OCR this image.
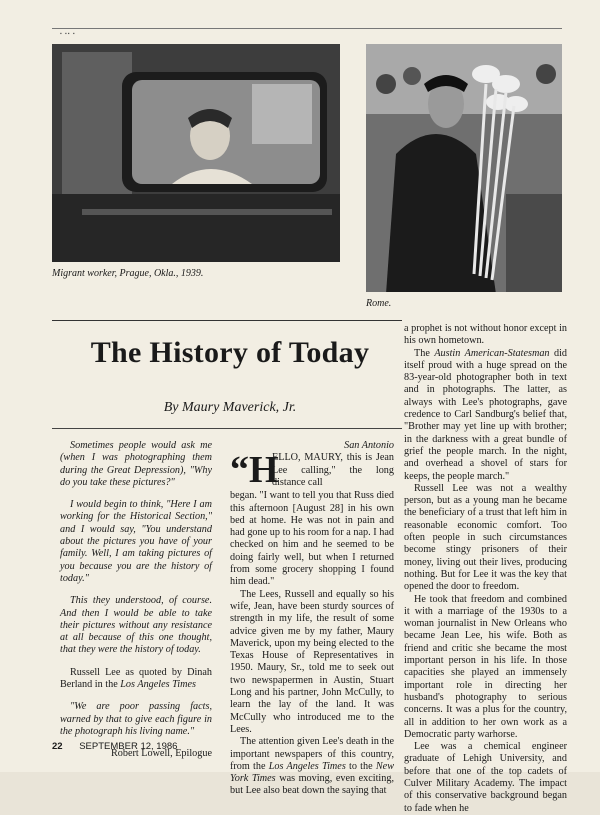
▪ ▪▪ ▪
Migrant worker, Prague, Okla., 1939.
Rome.
The History of Today
By Maury Maverick, Jr.

Sometimes people would ask me (when I was photographing them during the Great Depression), "Why do you take these pictures?"

I would begin to think, "Here I am working for the Historical Section," and I would say, "You understand about the pictures you have of your family. Well, I am taking pictures of you because you are the history of today."

This they understood, of course. And then I would be able to take their pictures without any resistance at all because of this one thought, that they were the history of today.

Russell Lee as quoted by Dinah Berland in the Los Angeles Times

"We are poor passing facts, warned by that to give each figure in the photograph his living name."

Robert Lowell, Epilogue

San Antonio

“H
ELLO, MAURY, this is Jean Lee calling," the long distance call

began. "I want to tell you that Russ died this afternoon [August 28] in his own bed at home. He was not in pain and had gone up to his room for a nap. I had checked on him and he seemed to be doing fairly well, but when I returned from some grocery shopping I found him dead."

The Lees, Russell and equally so his wife, Jean, have been sturdy sources of strength in my life, the result of some advice given me by my father, Maury Maverick, upon my being elected to the Texas House of Representatives in 1950. Maury, Sr., told me to seek out two newspapermen in Austin, Stuart Long and his partner, John McCully, to learn the lay of the land. It was McCully who introduced me to the Lees.

The attention given Lee's death in the important newspapers of this country, from the Los Angeles Times to the New York Times was moving, even exciting, but Lee also beat down the saying that

a prophet is not without honor except in his own hometown.

The Austin American-Statesman did itself proud with a huge spread on the 83-year-old photographer both in text and in photographs. The latter, as always with Lee's photographs, gave credence to Carl Sandburg's belief that, "Brother may yet line up with brother; in the darkness with a great bundle of grief the people march. In the night, and overhead a shovel of stars for keeps, the people march."

Russell Lee was not a wealthy person, but as a young man he became the beneficiary of a trust that left him in reasonable economic comfort. Too often people in such circumstances become stingy prisoners of their money, living out their lives, producing nothing. But for Lee it was the key that opened the door to freedom.

He took that freedom and combined it with a marriage of the 1930s to a woman journalist in New Orleans who became Jean Lee, his wife. Both as friend and critic she became the most important person in his life. In those capacities she played an immensely important role in directing her husband's photography to serious concerns. It was a plus for the country, all in addition to her own work as a Democratic party warhorse.

Lee was a chemical engineer graduate of Lehigh University, and before that one of the top cadets of Culver Military Academy. The impact of this conservative background began to fade when he

22 SEPTEMBER 12, 1986
